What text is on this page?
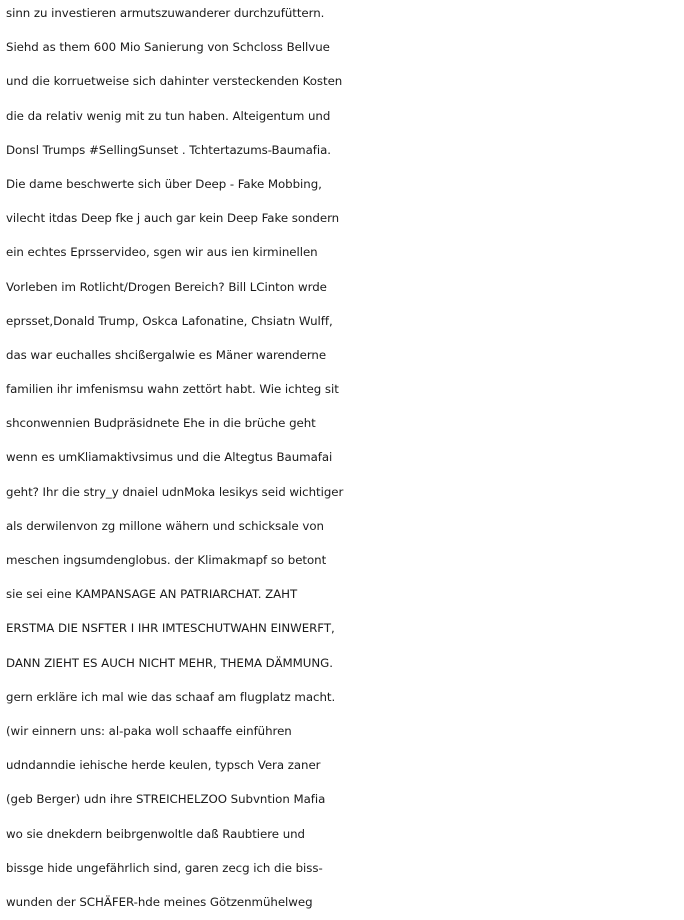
sinn zu investieren armutszuwanderer durchzufüttern.
Siehd as them 600 Mio Sanierung von Schcloss Bellvue
und die korruetweise sich dahinter versteckenden Kosten
die da relativ wenig mit zu tun haben. Alteigentum und
Donsl Trumps #SellingSunset . Tchtertazums-Baumafia.
Die dame beschwerte sich über Deep - Fake Mobbing,
vilecht itdas Deep fke j auch gar kein Deep Fake sondern
ein echtes Eprsservideo, sgen wir aus ien kirminellen
Vorleben im Rotlicht/Drogen Bereich? Bill LCinton wrde
eprsset,Donald Trump, Oskca Lafonatine, Chsiatn Wulff,
das war euchalles shcißergalwie es Mäner warenderne
familien ihr imfenismsu wahn zettört habt. Wie ichteg sit
shconwennien Budpräsidnete Ehe in die brüche geht
wenn es umKliamaktivsimus und die Altegtus Baumafai
geht? Ihr die stry_y dnaiel udnMoka lesikys seid wichtiger
als derwilenvon zg millone wähern und schicksale von
meschen ingsumdenglobus. der Klimakmapf so betont
sie sei eine KAMPANSAGE AN PATRIARCHAT. ZAHT
ERSTMA DIE NSFTER I IHR IMTESCHUTWAHN EINWERFT,
DANN ZIEHT ES AUCH NICHT MEHR, THEMA DÄMMUNG.
gern erkläre ich mal wie das schaaf am flugplatz macht.
(wir einnern uns: al-paka woll schaaffe einführen
udndanndie iehische herde keulen, typsch Vera zaner
(geb Berger) udn ihre STREICHELZOO Subvntion Mafia
wo sie dnekdern beibrgenwoltle daß Raubtiere und
bissge hide ungefährlich sind, garen zecg ich die biss-
wunden der SCHÄFER-hde meines Götzenmühelweg
